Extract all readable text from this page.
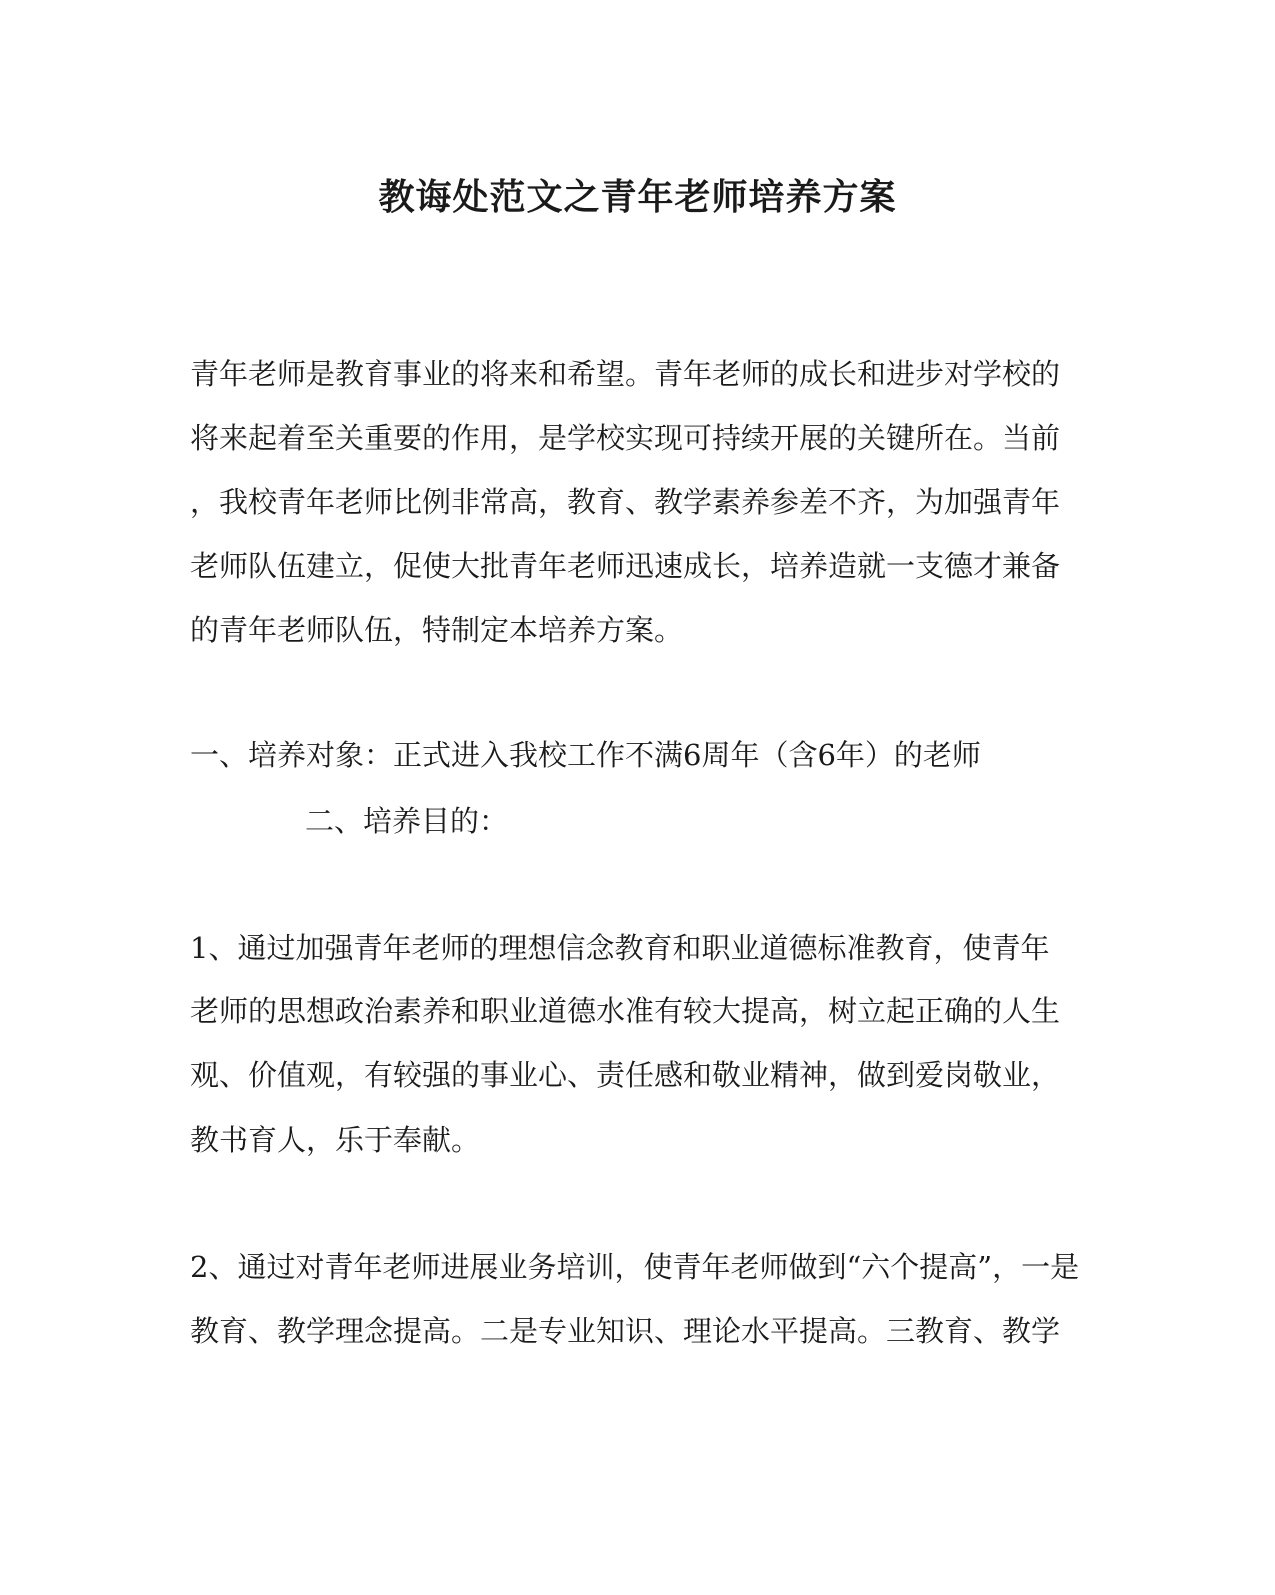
教诲处范文之青年老师培养方案
青年老师是教育事业的将来和希望。青年老师的成长和进步对学校的
将来起着至关重要的作用，是学校实现可持续开展的关键所在。当前
，我校青年老师比例非常高，教育、教学素养参差不齐，为加强青年
老师队伍建立，促使大批青年老师迅速成长，培养造就一支德才兼备
的青年老师队伍，特制定本培养方案。
一、培养对象：正式进入我校工作不满6周年（含6年）的老师
二、培养目的：
1、通过加强青年老师的理想信念教育和职业道德标准教育，使青年
老师的思想政治素养和职业道德水准有较大提高，树立起正确的人生
观、价值观，有较强的事业心、责任感和敬业精神，做到爱岗敬业，
教书育人，乐于奉献。
2、通过对青年老师进展业务培训，使青年老师做到“六个提高”，一是
教育、教学理念提高。二是专业知识、理论水平提高。三教育、教学
